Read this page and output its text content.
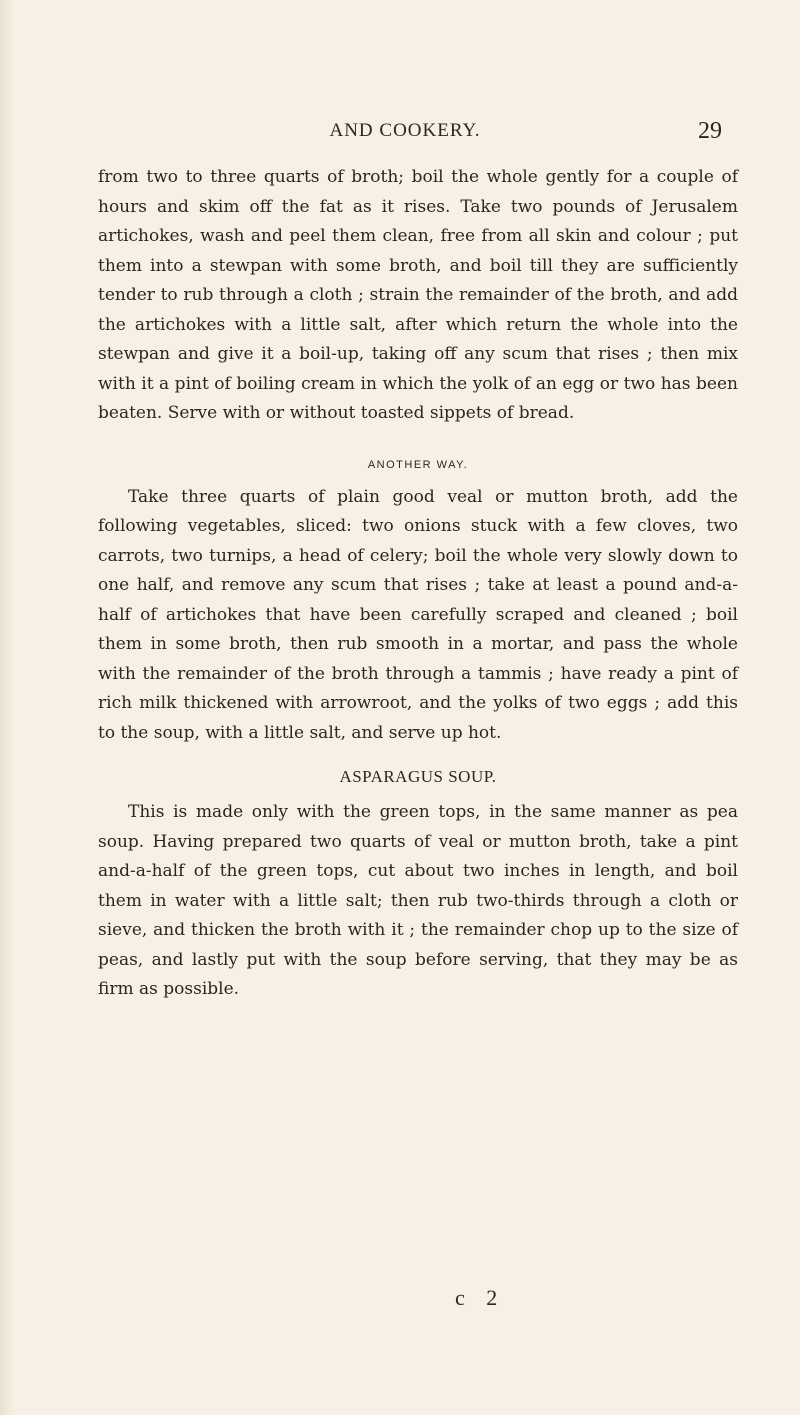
AND COOKERY.	29

from two to three quarts of broth; boil the whole gently for a couple of hours and skim off the fat as it rises. Take two pounds of Jerusalem artichokes, wash and peel them clean, free from all skin and colour ; put them into a stewpan with some broth, and boil till they are sufficiently tender to rub through a cloth ; strain the remainder of the broth, and add the artichokes with a little salt, after which return the whole into the stewpan and give it a boil-up, taking off any scum that rises ; then mix with it a pint of boiling cream in which the yolk of an egg or two has been beaten. Serve with or without toasted sippets of bread.

ANOTHER WAY.

Take three quarts of plain good veal or mutton broth, add the following vegetables, sliced: two onions stuck with a few cloves, two carrots, two turnips, a head of celery; boil the whole very slowly down to one half, and remove any scum that rises ; take at least a pound and-a-half of artichokes that have been carefully scraped and cleaned ; boil them in some broth, then rub smooth in a mortar, and pass the whole with the remainder of the broth through a tammis ; have ready a pint of rich milk thickened with arrowroot, and the yolks of two eggs ; add this to the soup, with a little salt, and serve up hot.

ASPARAGUS SOUP.

This is made only with the green tops, in the same manner as pea soup. Having prepared two quarts of veal or mutton broth, take a pint and-a-half of the green tops, cut about two inches in length, and boil them in water with a little salt; then rub two-thirds through a cloth or sieve, and thicken the broth with it ; the remainder chop up to the size of peas, and lastly put with the soup before serving, that they may be as firm as possible.

c 2
